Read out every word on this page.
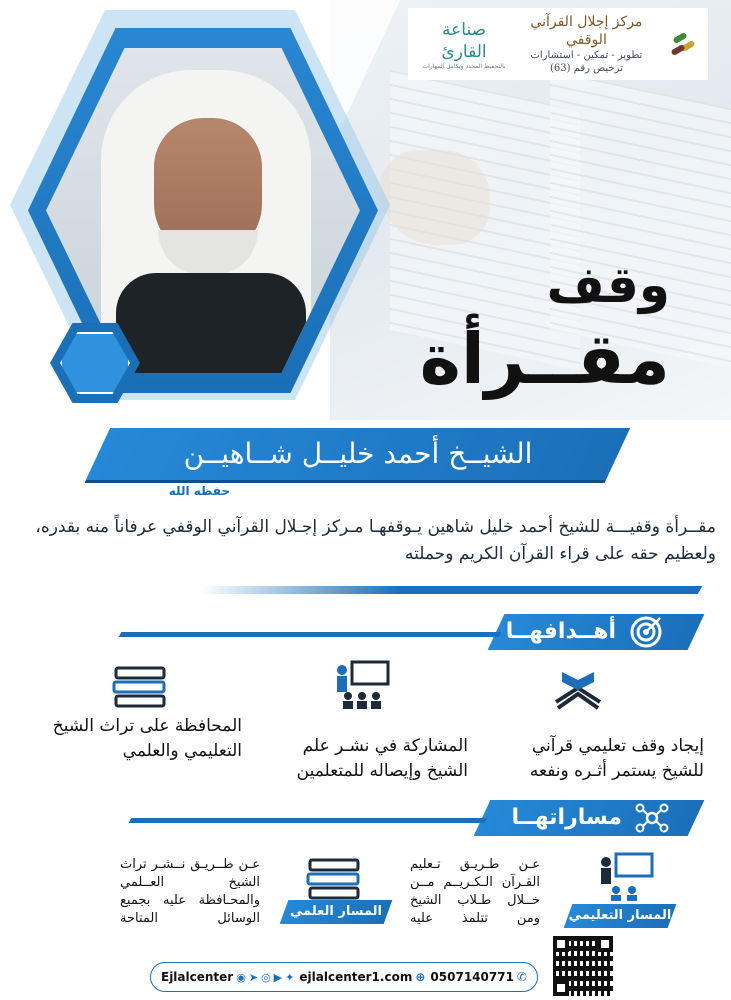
مركز إجلال القرآني الوقفي
تطوير - تمكين - استشارات
ترخيص رقم (63)
صناعة القارئ
بالتحفيظ المجدد وتكامل المهارات
وقف
مقــرأة
الشيــخ أحمد خليــل شــاهيــن
حفظه الله
مقــرأة وقفيـــة للشيخ أحمد خليل شاهين يـوقفهـا مـركز إجـلال القرآني الوقفي عرفاناً منه بقدره، ولعظيم حقه على قراء القرآن الكريم وحملته
أهــدافهــا
إيجاد وقف تعليمي قرآني للشيخ يستمر أثـره ونفعه
المشاركة في نشـر علم الشيخ وإيصاله للمتعلمين
المحافظة على تراث الشيخ التعليمي والعلمي
مساراتهــا
المسار التعليمي
عـن طـريـق تـعليم القـرآن الـكـريــم مــن خــلال طـلاب الشيخ ومن تتلمذ عليه
المسار العلمي
عـن طــريـق نــشـر تراث الشيخ العــلمي والمحـافظة عليه بجميع الوسائل المتاحة
Ejlalcenter ◉ ➤ ◎ ▶ ✦ ejlalcenter1.com ⊕ 0507140771 ✆
